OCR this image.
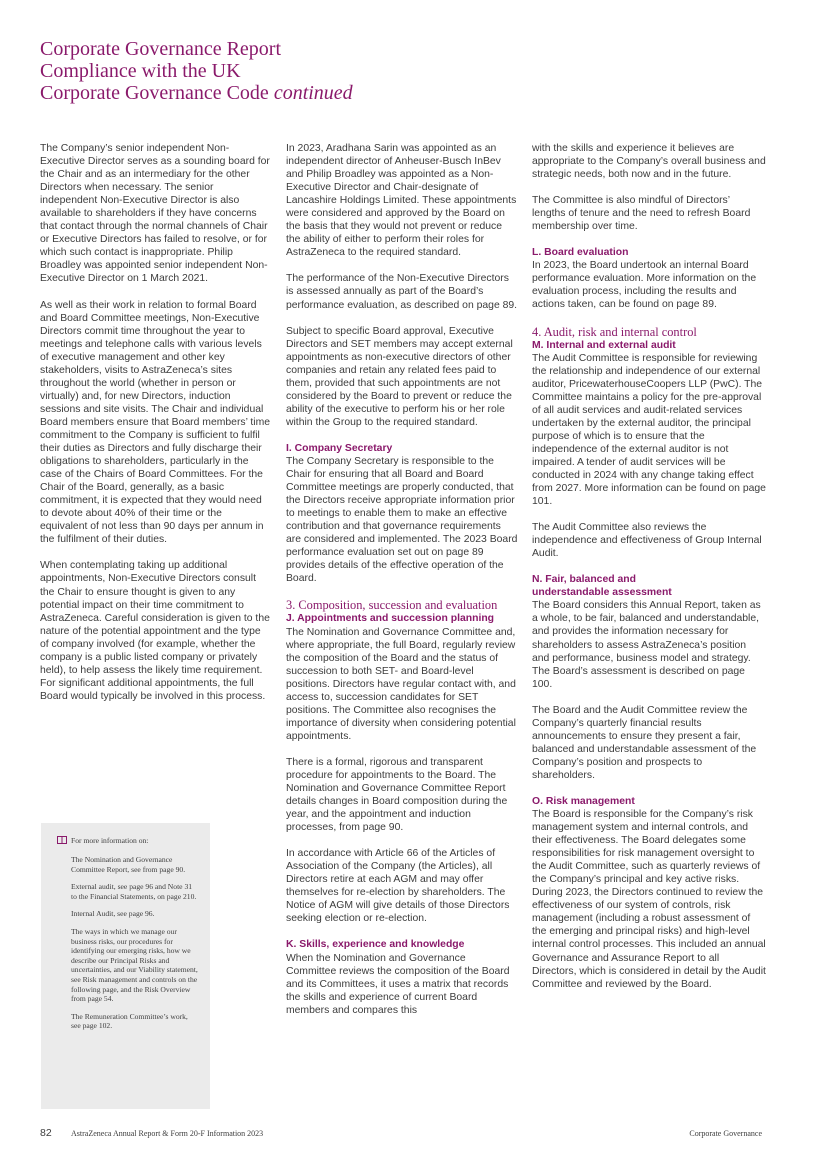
Corporate Governance Report
Compliance with the UK
Corporate Governance Code continued

The Company’s senior independent Non-Executive Director serves as a sounding board for the Chair and as an intermediary for the other Directors when necessary. The senior independent Non-Executive Director is also available to shareholders if they have concerns that contact through the normal channels of Chair or Executive Directors has failed to resolve, or for which such contact is inappropriate. Philip Broadley was appointed senior independent Non-Executive Director on 1 March 2021.

As well as their work in relation to formal Board and Board Committee meetings, Non-Executive Directors commit time throughout the year to meetings and telephone calls with various levels of executive management and other key stakeholders, visits to AstraZeneca’s sites throughout the world (whether in person or virtually) and, for new Directors, induction sessions and site visits. The Chair and individual Board members ensure that Board members’ time commitment to the Company is sufficient to fulfil their duties as Directors and fully discharge their obligations to shareholders, particularly in the case of the Chairs of Board Committees. For the Chair of the Board, generally, as a basic commitment, it is expected that they would need to devote about 40% of their time or the equivalent of not less than 90 days per annum in the fulfilment of their duties.

When contemplating taking up additional appointments, Non-Executive Directors consult the Chair to ensure thought is given to any potential impact on their time commitment to AstraZeneca. Careful consideration is given to the nature of the potential appointment and the type of company involved (for example, whether the company is a public listed company or privately held), to help assess the likely time requirement. For significant additional appointments, the full Board would typically be involved in this process.

For more information on:
The Nomination and Governance Committee Report, see from page 90.
External audit, see page 96 and Note 31 to the Financial Statements, on page 210.
Internal Audit, see page 96.
The ways in which we manage our business risks, our procedures for identifying our emerging risks, how we describe our Principal Risks and uncertainties, and our Viability statement, see Risk management and controls on the following page, and the Risk Overview from page 54.
The Remuneration Committee’s work, see page 102.

In 2023, Aradhana Sarin was appointed as an independent director of Anheuser-Busch InBev and Philip Broadley was appointed as a Non-Executive Director and Chair-designate of Lancashire Holdings Limited. These appointments were considered and approved by the Board on the basis that they would not prevent or reduce the ability of either to perform their roles for AstraZeneca to the required standard.

The performance of the Non-Executive Directors is assessed annually as part of the Board’s performance evaluation, as described on page 89.

Subject to specific Board approval, Executive Directors and SET members may accept external appointments as non-executive directors of other companies and retain any related fees paid to them, provided that such appointments are not considered by the Board to prevent or reduce the ability of the executive to perform his or her role within the Group to the required standard.

I. Company Secretary

The Company Secretary is responsible to the Chair for ensuring that all Board and Board Committee meetings are properly conducted, that the Directors receive appropriate information prior to meetings to enable them to make an effective contribution and that governance requirements are considered and implemented. The 2023 Board performance evaluation set out on page 89 provides details of the effective operation of the Board.

3. Composition, succession and evaluation
J. Appointments and succession planning

The Nomination and Governance Committee and, where appropriate, the full Board, regularly review the composition of the Board and the status of succession to both SET- and Board-level positions. Directors have regular contact with, and access to, succession candidates for SET positions. The Committee also recognises the importance of diversity when considering potential appointments.

There is a formal, rigorous and transparent procedure for appointments to the Board. The Nomination and Governance Committee Report details changes in Board composition during the year, and the appointment and induction processes, from page 90.

In accordance with Article 66 of the Articles of Association of the Company (the Articles), all Directors retire at each AGM and may offer themselves for re-election by shareholders. The Notice of AGM will give details of those Directors seeking election or re-election.

K. Skills, experience and knowledge

When the Nomination and Governance Committee reviews the composition of the Board and its Committees, it uses a matrix that records the skills and experience of current Board members and compares this

with the skills and experience it believes are appropriate to the Company’s overall business and strategic needs, both now and in the future.

The Committee is also mindful of Directors’ lengths of tenure and the need to refresh Board membership over time.

L. Board evaluation

In 2023, the Board undertook an internal Board performance evaluation. More information on the evaluation process, including the results and actions taken, can be found on page 89.

4. Audit, risk and internal control
M. Internal and external audit

The Audit Committee is responsible for reviewing the relationship and independence of our external auditor, PricewaterhouseCoopers LLP (PwC). The Committee maintains a policy for the pre-approval of all audit services and audit-related services undertaken by the external auditor, the principal purpose of which is to ensure that the independence of the external auditor is not impaired. A tender of audit services will be conducted in 2024 with any change taking effect from 2027. More information can be found on page 101.

The Audit Committee also reviews the independence and effectiveness of Group Internal Audit.

N. Fair, balanced and
understandable assessment

The Board considers this Annual Report, taken as a whole, to be fair, balanced and understandable, and provides the information necessary for shareholders to assess AstraZeneca’s position and performance, business model and strategy. The Board’s assessment is described on page 100.

The Board and the Audit Committee review the Company’s quarterly financial results announcements to ensure they present a fair, balanced and understandable assessment of the Company’s position and prospects to shareholders.

O. Risk management

The Board is responsible for the Company’s risk management system and internal controls, and their effectiveness. The Board delegates some responsibilities for risk management oversight to the Audit Committee, such as quarterly reviews of the Company’s principal and key active risks. During 2023, the Directors continued to review the effectiveness of our system of controls, risk management (including a robust assessment of the emerging and principal risks) and high-level internal control processes. This included an annual Governance and Assurance Report to all Directors, which is considered in detail by the Audit Committee and reviewed by the Board.

82 AstraZeneca Annual Report & Form 20-F Information 2023	Corporate Governance
